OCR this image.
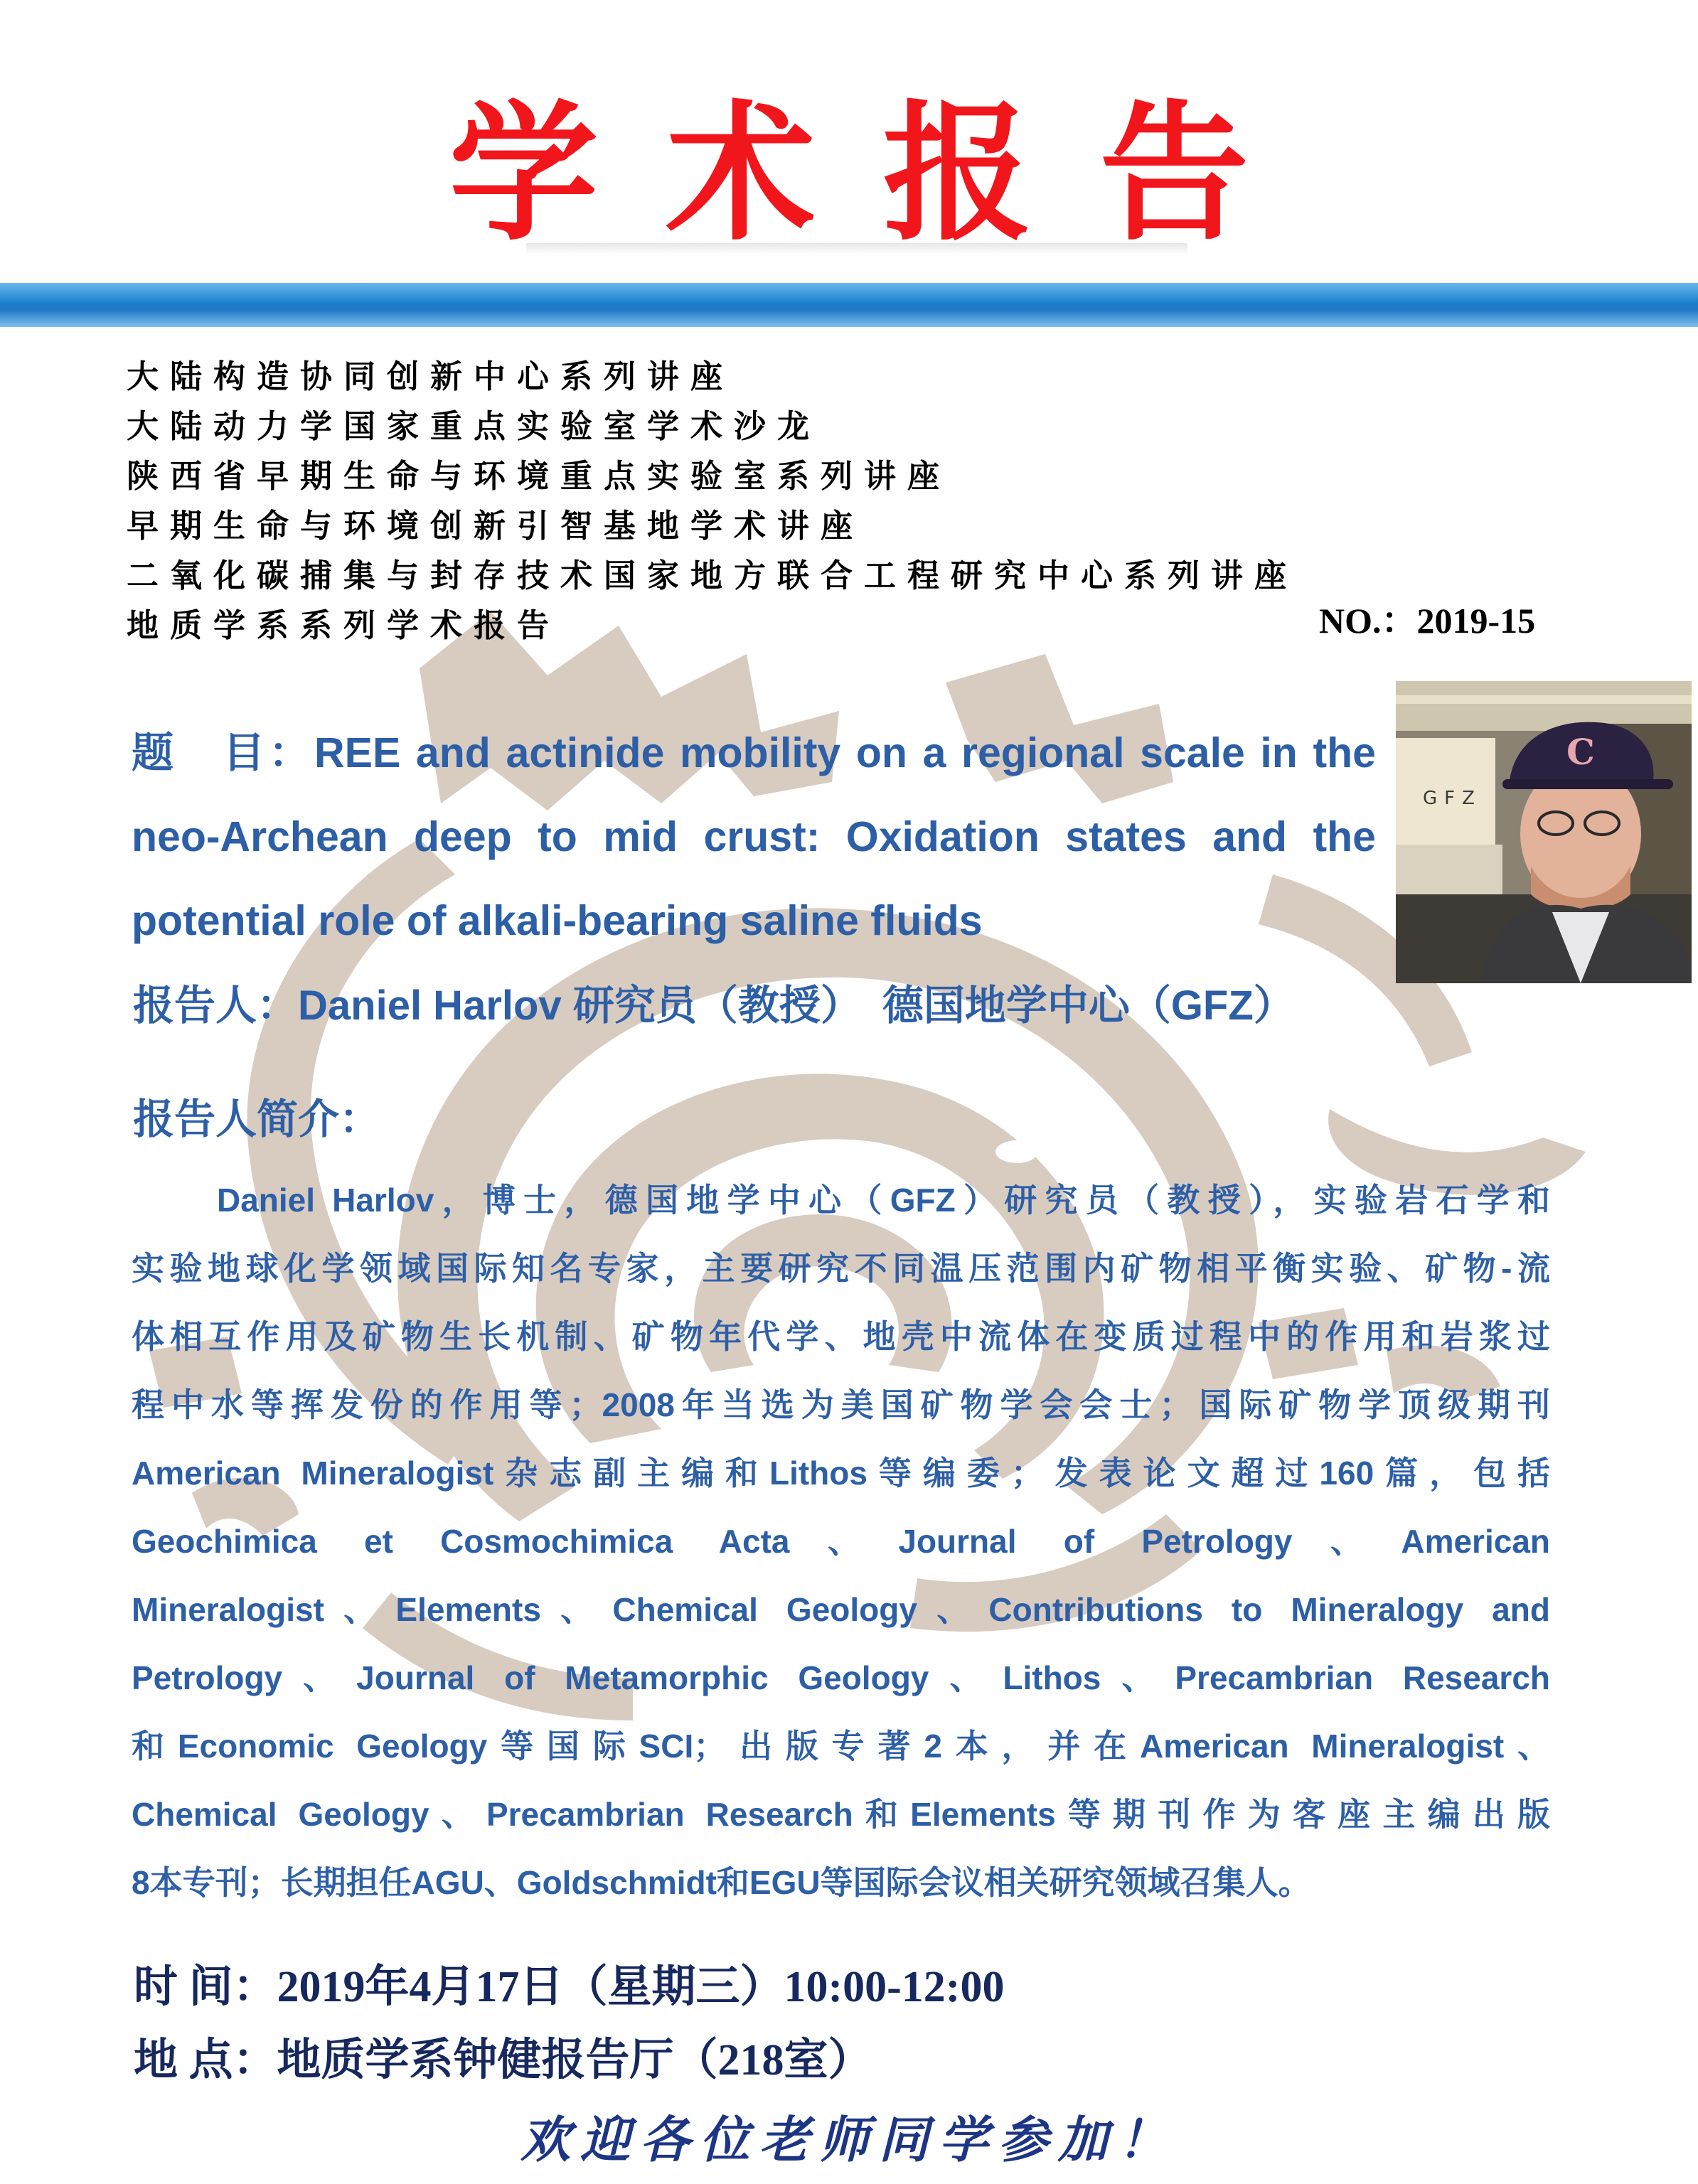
学术报告
大陆构造协同创新中心系列讲座
大陆动力学国家重点实验室学术沙龙
陕西省早期生命与环境重点实验室系列讲座
早期生命与环境创新引智基地学术讲座
二氧化碳捕集与封存技术国家地方联合工程研究中心系列讲座
地质学系系列学术报告	NO.：2019-15
题　目：REE and actinide mobility on a regional scale in the neo-Archean deep to mid crust: Oxidation states and the potential role of alkali-bearing saline fluids
GFZ
C
报告人：Daniel Harlov 研究员（教授）　德国地学中心（GFZ）
报告人简介：
Daniel Harlov，博士，德国地学中心（GFZ）研究员（教授），实验岩石学和
实验地球化学领域国际知名专家，主要研究不同温压范围内矿物相平衡实验、矿物-流
体相互作用及矿物生长机制、矿物年代学、地壳中流体在变质过程中的作用和岩浆过
程中水等挥发份的作用等；2008年当选为美国矿物学会会士；国际矿物学顶级期刊
American Mineralogist杂志副主编和Lithos等编委；发表论文超过160篇，包括
Geochimica et Cosmochimica Acta、Journal of Petrology、American
Mineralogist、Elements、Chemical Geology、Contributions to Mineralogy and
Petrology、Journal of Metamorphic Geology、Lithos、Precambrian Research
和Economic Geology等国际SCI；出版专著2本，并在American Mineralogist、
Chemical Geology、Precambrian Research和Elements等期刊作为客座主编出版
8本专刊；长期担任AGU、Goldschmidt和EGU等国际会议相关研究领域召集人。
时 间：2019年4月17日（星期三）10:00-12:00
地 点：地质学系钟健报告厅（218室）
欢迎各位老师同学参加！
